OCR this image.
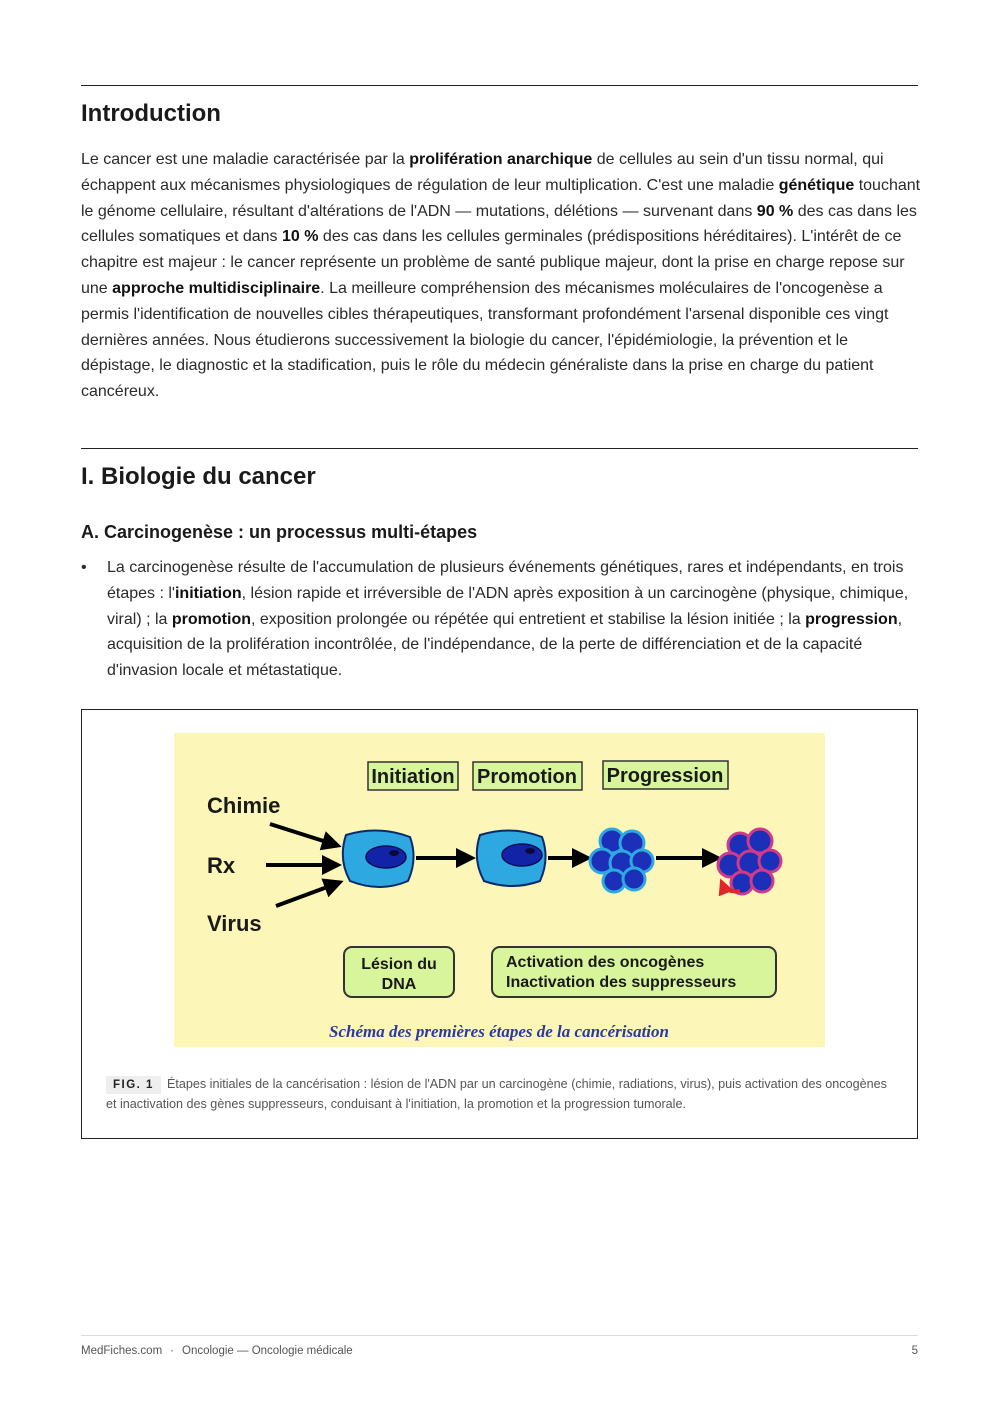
Introduction

Le cancer est une maladie caractérisée par la prolifération anarchique de cellules au sein d'un tissu normal, qui échappent aux mécanismes physiologiques de régulation de leur multiplication. C'est une maladie génétique touchant le génome cellulaire, résultant d'altérations de l'ADN — mutations, délétions — survenant dans 90 % des cas dans les cellules somatiques et dans 10 % des cas dans les cellules germinales (prédispositions héréditaires). L'intérêt de ce chapitre est majeur : le cancer représente un problème de santé publique majeur, dont la prise en charge repose sur une approche multidisciplinaire. La meilleure compréhension des mécanismes moléculaires de l'oncogenèse a permis l'identification de nouvelles cibles thérapeutiques, transformant profondément l'arsenal disponible ces vingt dernières années. Nous étudierons successivement la biologie du cancer, l'épidémiologie, la prévention et le dépistage, le diagnostic et la stadification, puis le rôle du médecin généraliste dans la prise en charge du patient cancéreux.

I. Biologie du cancer
A. Carcinogenèse : un processus multi-étapes
• La carcinogenèse résulte de l'accumulation de plusieurs événements génétiques, rares et indépendants, en trois étapes : l'initiation, lésion rapide et irréversible de l'ADN après exposition à un carcinogène (physique, chimique, viral) ; la promotion, exposition prolongée ou répétée qui entretient et stabilise la lésion initiée ; la progression, acquisition de la prolifération incontrôlée, de l'indépendance, de la perte de différenciation et de la capacité d'invasion locale et métastatique.
Initiation Promotion Progression
Chimie
Rx
Virus
Lésion du
DNA
Activation des oncogènes
Inactivation des suppresseurs
Schéma des premières étapes de la cancérisation
FIG. 1 Étapes initiales de la cancérisation : lésion de l'ADN par un carcinogène (chimie, radiations, virus), puis activation des oncogènes et inactivation des gènes suppresseurs, conduisant à l'initiation, la promotion et la progression tumorale.
MedFiches.com · Oncologie — Oncologie médicale	5
